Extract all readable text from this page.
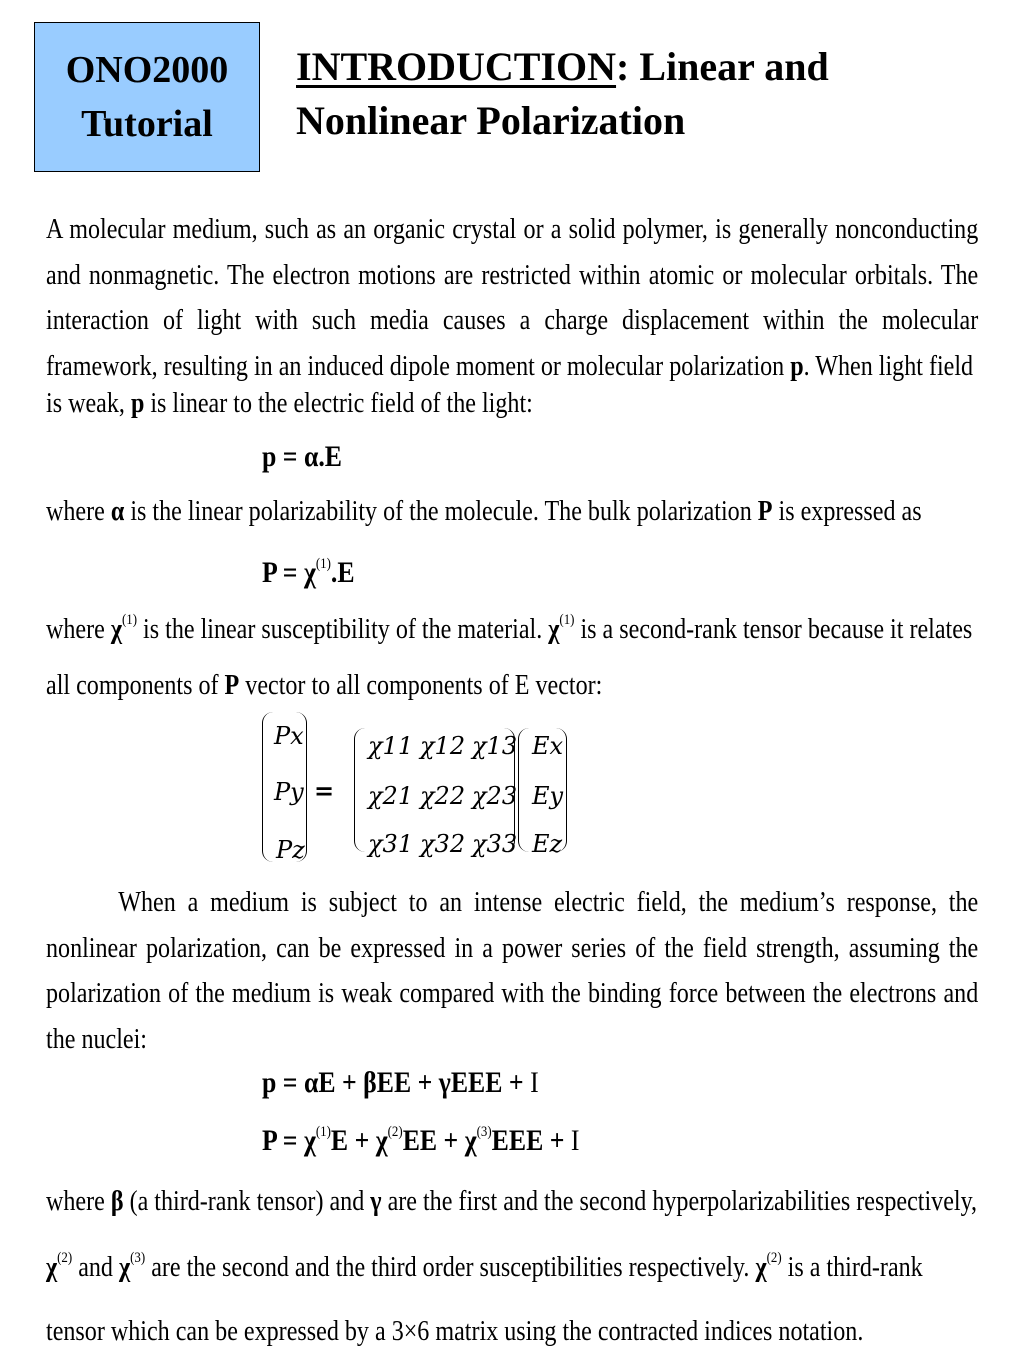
ONO2000
Tutorial
INTRODUCTION: Linear and
Nonlinear Polarization
A molecular medium, such as an organic crystal or a solid polymer, is generally nonconducting and nonmagnetic. The electron motions are restricted within atomic or molecular orbitals. The interaction of light with such media causes a charge displacement within the molecular framework, resulting in an induced dipole moment or molecular polarization p. When light field
is weak, p is linear to the electric field of the light:
p = α.E
where α is the linear polarizability of the molecule. The bulk polarization P is expressed as
$P = \chi^{(1)}.E$
where $\chi^{(1)}$ is the linear susceptibility of the material. $\chi^{(1)}$ is a second-rank tensor because it relates
all components of P vector to all components of E vector:
Px
Py
Pz
=
χ11 χ12 χ13
χ21 χ22 χ23
χ31 χ32 χ33
Ex
Ey
Ez
When a medium is subject to an intense electric field, the medium’s response, the nonlinear polarization, can be expressed in a power series of the field strength, assuming the polarization of the medium is weak compared with the binding force between the electrons and the nuclei:
p = αE + βEE + γEEE + I
$P = \chi^{(1)}E + \chi^{(2)}EE + \chi^{(3)}EEE + I$
where β (a third-rank tensor) and γ are the first and the second hyperpolarizabilities respectively,
$\chi^{(2)}$ and $\chi^{(3)}$ are the second and the third order susceptibilities respectively. $\chi^{(2)}$ is a third-rank
tensor which can be expressed by a 3×6 matrix using the contracted indices notation.
